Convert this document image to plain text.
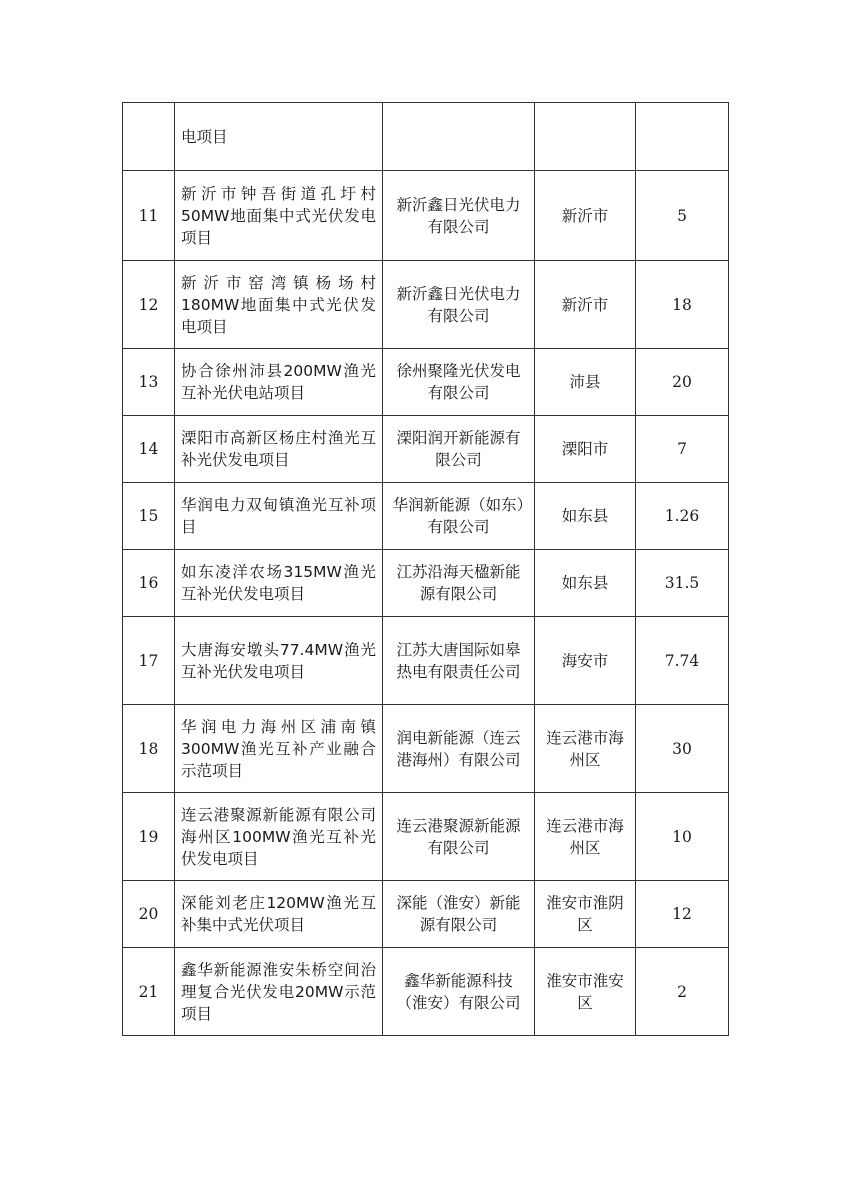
	电项目			
11	新沂市钟吾街道孔圩村50MW地面集中式光伏发电项目	新沂鑫日光伏电力有限公司	新沂市	5
12	新沂市窑湾镇杨场村180MW地面集中式光伏发电项目	新沂鑫日光伏电力有限公司	新沂市	18
13	协合徐州沛县200MW渔光互补光伏电站项目	徐州聚隆光伏发电有限公司	沛县	20
14	溧阳市高新区杨庄村渔光互补光伏发电项目	溧阳润开新能源有限公司	溧阳市	7
15	华润电力双甸镇渔光互补项目	华润新能源（如东）有限公司	如东县	1.26
16	如东凌洋农场315MW渔光互补光伏发电项目	江苏沿海天楹新能源有限公司	如东县	31.5
17	大唐海安墩头77.4MW渔光互补光伏发电项目	江苏大唐国际如皋热电有限责任公司	海安市	7.74
18	华润电力海州区浦南镇300MW渔光互补产业融合示范项目	润电新能源（连云港海州）有限公司	连云港市海州区	30
19	连云港聚源新能源有限公司海州区100MW渔光互补光伏发电项目	连云港聚源新能源有限公司	连云港市海州区	10
20	深能刘老庄120MW渔光互补集中式光伏项目	深能（淮安）新能源有限公司	淮安市淮阴区	12
21	鑫华新能源淮安朱桥空间治理复合光伏发电20MW示范项目	鑫华新能源科技（淮安）有限公司	淮安市淮安区	2
